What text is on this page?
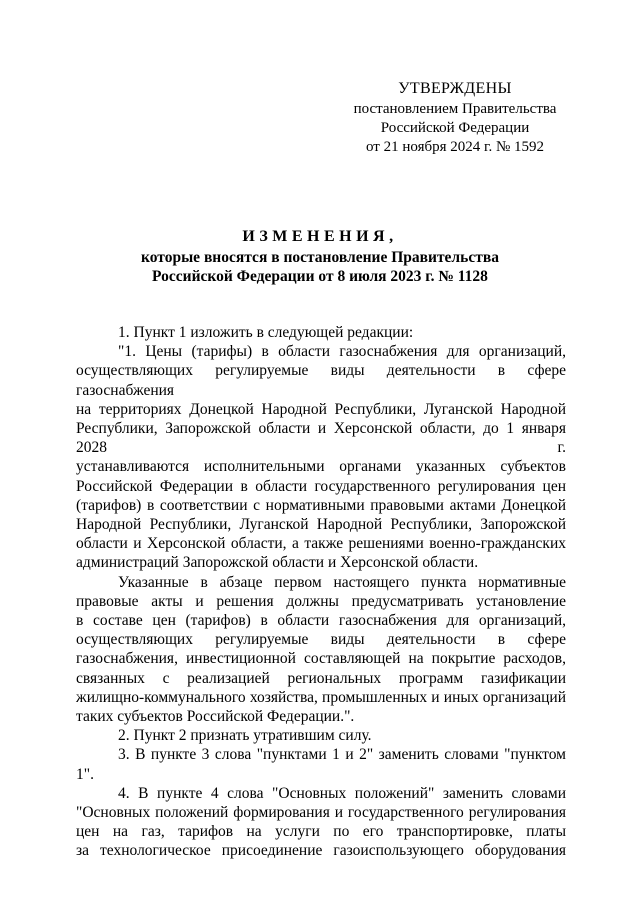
УТВЕРЖДЕНЫ
постановлением Правительства
Российской Федерации
от 21 ноября 2024 г. № 1592
ИЗМЕНЕНИЯ,
которые вносятся в постановление Правительства
Российской Федерации от 8 июля 2023 г. № 1128

1. Пункт 1 изложить в следующей редакции:

"1. Цены (тарифы) в области газоснабжения для организаций,

осуществляющих регулируемые виды деятельности в сфере газоснабжения

на территориях Донецкой Народной Республики, Луганской Народной

Республики, Запорожской области и Херсонской области, до 1 января 2028 г.

устанавливаются исполнительными органами указанных субъектов

Российской Федерации в области государственного регулирования цен

(тарифов) в соответствии с нормативными правовыми актами Донецкой

Народной Республики, Луганской Народной Республики, Запорожской

области и Херсонской области, а также решениями военно-гражданских

администраций Запорожской области и Херсонской области.

Указанные в абзаце первом настоящего пункта нормативные

правовые акты и решения должны предусматривать установление

в составе цен (тарифов) в области газоснабжения для организаций,

осуществляющих регулируемые виды деятельности в сфере

газоснабжения, инвестиционной составляющей на покрытие расходов,

связанных с реализацией региональных программ газификации

жилищно-коммунального хозяйства, промышленных и иных организаций

таких субъектов Российской Федерации.".

2. Пункт 2 признать утратившим силу.

3. В пункте 3 слова "пунктами 1 и 2" заменить словами "пунктом 1".

4. В пункте 4 слова "Основных положений" заменить словами

"Основных положений формирования и государственного регулирования

цен на газ, тарифов на услуги по его транспортировке, платы

за технологическое присоединение газоиспользующего оборудования
